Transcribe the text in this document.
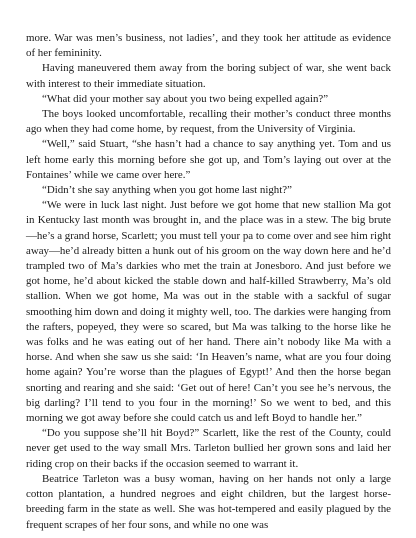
more. War was men’s business, not ladies’, and they took her attitude as evidence of her femininity.

Having maneuvered them away from the boring subject of war, she went back with interest to their immediate situation.

“What did your mother say about you two being expelled again?”

The boys looked uncomfortable, recalling their mother’s conduct three months ago when they had come home, by request, from the University of Virginia.

“Well,” said Stuart, “she hasn’t had a chance to say anything yet. Tom and us left home early this morning before she got up, and Tom’s laying out over at the Fontaines’ while we came over here.”

“Didn’t she say anything when you got home last night?”

“We were in luck last night. Just before we got home that new stallion Ma got in Kentucky last month was brought in, and the place was in a stew. The big brute—he’s a grand horse, Scarlett; you must tell your pa to come over and see him right away—he’d already bitten a hunk out of his groom on the way down here and he’d trampled two of Ma’s darkies who met the train at Jonesboro. And just before we got home, he’d about kicked the stable down and half-killed Strawberry, Ma’s old stallion. When we got home, Ma was out in the stable with a sackful of sugar smoothing him down and doing it mighty well, too. The darkies were hanging from the rafters, popeyed, they were so scared, but Ma was talking to the horse like he was folks and he was eating out of her hand. There ain’t nobody like Ma with a horse. And when she saw us she said: ‘In Heaven’s name, what are you four doing home again? You’re worse than the plagues of Egypt!’ And then the horse began snorting and rearing and she said: ‘Get out of here! Can’t you see he’s nervous, the big darling? I’ll tend to you four in the morning!’ So we went to bed, and this morning we got away before she could catch us and left Boyd to handle her.”

“Do you suppose she’ll hit Boyd?” Scarlett, like the rest of the County, could never get used to the way small Mrs. Tarleton bullied her grown sons and laid her riding crop on their backs if the occasion seemed to warrant it.

Beatrice Tarleton was a busy woman, having on her hands not only a large cotton plantation, a hundred negroes and eight children, but the largest horse-breeding farm in the state as well. She was hot-tempered and easily plagued by the frequent scrapes of her four sons, and while no one was
